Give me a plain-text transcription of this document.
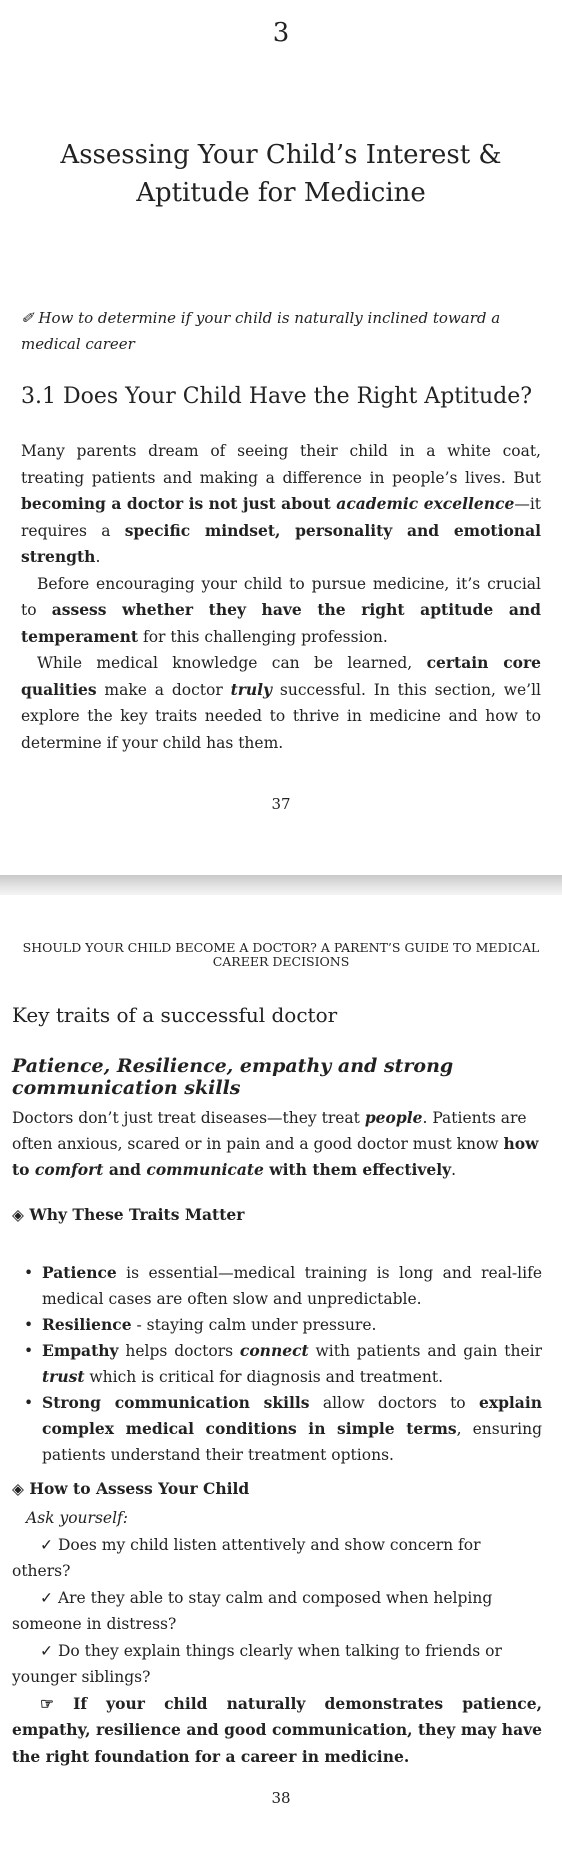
3
Assessing Your Child’s Interest & Aptitude for Medicine

✐ How to determine if your child is naturally inclined toward a medical career

3.1 Does Your Child Have the Right Aptitude?

Many parents dream of seeing their child in a white coat, treating patients and making a difference in people’s lives. But becoming a doctor is not just about academic excellence—it requires a specific mindset, personality and emotional strength.

Before encouraging your child to pursue medicine, it’s crucial to assess whether they have the right aptitude and temperament for this challenging profession.

While medical knowledge can be learned, certain core qualities make a doctor truly successful. In this section, we’ll explore the key traits needed to thrive in medicine and how to determine if your child has them.

37
SHOULD YOUR CHILD BECOME A DOCTOR? A PARENT’S GUIDE TO MEDICAL CAREER DECISIONS
Key traits of a successful doctor
Patience, Resilience, empathy and strong communication skills

Doctors don’t just treat diseases—they treat people. Patients are often anxious, scared or in pain and a good doctor must know how to comfort and communicate with them effectively.

◈ Why These Traits Matter
• Patience is essential—medical training is long and real-life medical cases are often slow and unpredictable.
• Resilience - staying calm under pressure.
• Empathy helps doctors connect with patients and gain their trust which is critical for diagnosis and treatment.
• Strong communication skills allow doctors to explain complex medical conditions in simple terms, ensuring patients understand their treatment options.
◈ How to Assess Your Child

Ask yourself:

✓ Does my child listen attentively and show concern for others?

✓ Are they able to stay calm and composed when helping someone in distress?

✓ Do they explain things clearly when talking to friends or younger siblings?

☞ If your child naturally demonstrates patience, empathy, resilience and good communication, they may have the right foundation for a career in medicine.

38
